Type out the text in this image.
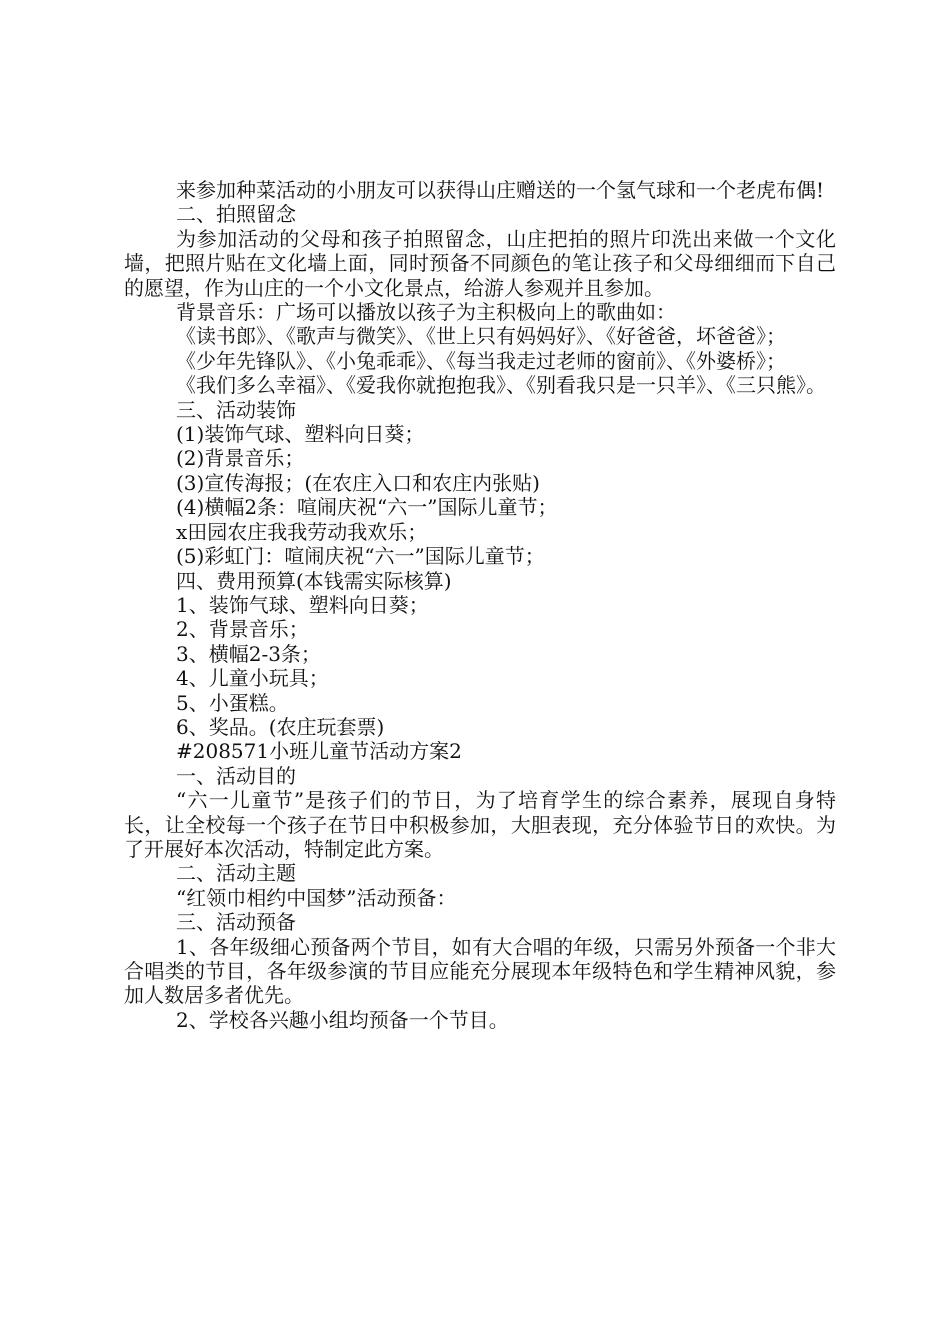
来参加种菜活动的小朋友可以获得山庄赠送的一个氢气球和一个老虎布偶!

二、拍照留念

为参加活动的父母和孩子拍照留念，山庄把拍的照片印洗出来做一个文化墙，把照片贴在文化墙上面，同时预备不同颜色的笔让孩子和父母细细而下自己的愿望，作为山庄的一个小文化景点，给游人参观并且参加。

背景音乐：广场可以播放以孩子为主积极向上的歌曲如：

《读书郎》、《歌声与微笑》、《世上只有妈妈好》、《好爸爸，坏爸爸》；

《少年先锋队》、《小兔乖乖》、《每当我走过老师的窗前》、《外婆桥》；

《我们多么幸福》、《爱我你就抱抱我》、《别看我只是一只羊》、《三只熊》。

三、活动装饰

(1)装饰气球、塑料向日葵；

(2)背景音乐；

(3)宣传海报；(在农庄入口和农庄内张贴)

(4)横幅2条：喧闹庆祝“六一”国际儿童节；

x田园农庄我我劳动我欢乐；

(5)彩虹门：喧闹庆祝“六一”国际儿童节；

四、费用预算(本钱需实际核算)

1、装饰气球、塑料向日葵；

2、背景音乐；

3、横幅2-3条；

4、儿童小玩具；

5、小蛋糕。

6、奖品。(农庄玩套票)

#208571小班儿童节活动方案2

一、活动目的

“六一儿童节”是孩子们的节日，为了培育学生的综合素养，展现自身特长，让全校每一个孩子在节日中积极参加，大胆表现，充分体验节日的欢快。为了开展好本次活动，特制定此方案。

二、活动主题

“红领巾相约中国梦”活动预备：

三、活动预备

1、各年级细心预备两个节目，如有大合唱的年级，只需另外预备一个非大合唱类的节目，各年级参演的节目应能充分展现本年级特色和学生精神风貌，参加人数居多者优先。

2、学校各兴趣小组均预备一个节目。
